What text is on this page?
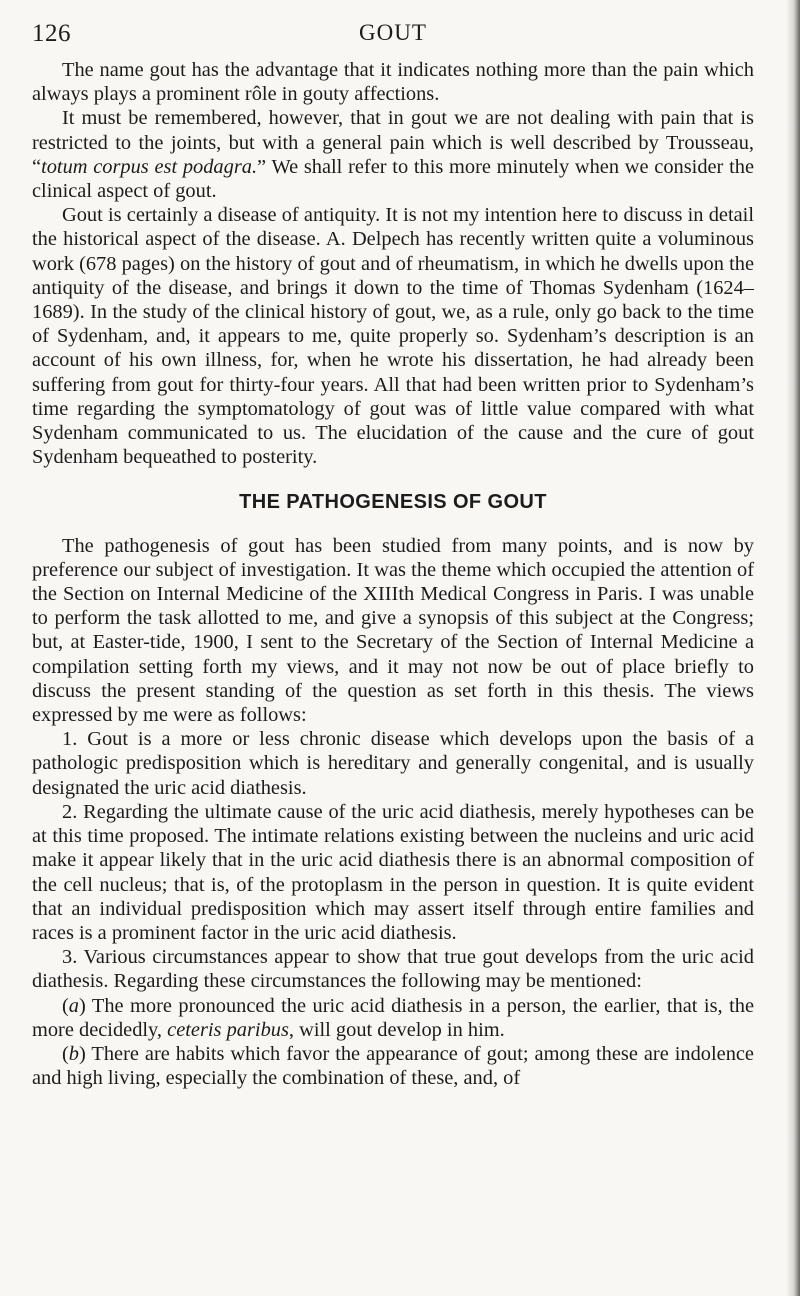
126	GOUT

The name gout has the advantage that it indicates nothing more than the pain which always plays a prominent rôle in gouty affections.

It must be remembered, however, that in gout we are not dealing with pain that is restricted to the joints, but with a general pain which is well described by Trousseau, “totum corpus est podagra.” We shall refer to this more minutely when we consider the clinical aspect of gout.

Gout is certainly a disease of antiquity. It is not my intention here to discuss in detail the historical aspect of the disease. A. Delpech has recently written quite a voluminous work (678 pages) on the history of gout and of rheumatism, in which he dwells upon the antiquity of the disease, and brings it down to the time of Thomas Sydenham (1624–1689). In the study of the clinical history of gout, we, as a rule, only go back to the time of Sydenham, and, it appears to me, quite properly so. Sydenham’s description is an account of his own illness, for, when he wrote his dissertation, he had already been suffering from gout for thirty-four years. All that had been written prior to Sydenham’s time regarding the symptomatology of gout was of little value compared with what Sydenham communicated to us. The elucidation of the cause and the cure of gout Sydenham bequeathed to posterity.

THE PATHOGENESIS OF GOUT

The pathogenesis of gout has been studied from many points, and is now by preference our subject of investigation. It was the theme which occupied the attention of the Section on Internal Medicine of the XIIIth Medical Congress in Paris. I was unable to perform the task allotted to me, and give a synopsis of this subject at the Congress; but, at Easter-tide, 1900, I sent to the Secretary of the Section of Internal Medicine a compilation setting forth my views, and it may not now be out of place briefly to discuss the present standing of the question as set forth in this thesis. The views expressed by me were as follows:

1. Gout is a more or less chronic disease which develops upon the basis of a pathologic predisposition which is hereditary and generally congenital, and is usually designated the uric acid diathesis.

2. Regarding the ultimate cause of the uric acid diathesis, merely hypotheses can be at this time proposed. The intimate relations existing between the nucleins and uric acid make it appear likely that in the uric acid diathesis there is an abnormal composition of the cell nucleus; that is, of the protoplasm in the person in question. It is quite evident that an individual predisposition which may assert itself through entire families and races is a prominent factor in the uric acid diathesis.

3. Various circumstances appear to show that true gout develops from the uric acid diathesis. Regarding these circumstances the following may be mentioned:

(a) The more pronounced the uric acid diathesis in a person, the earlier, that is, the more decidedly, ceteris paribus, will gout develop in him.

(b) There are habits which favor the appearance of gout; among these are indolence and high living, especially the combination of these, and, of
